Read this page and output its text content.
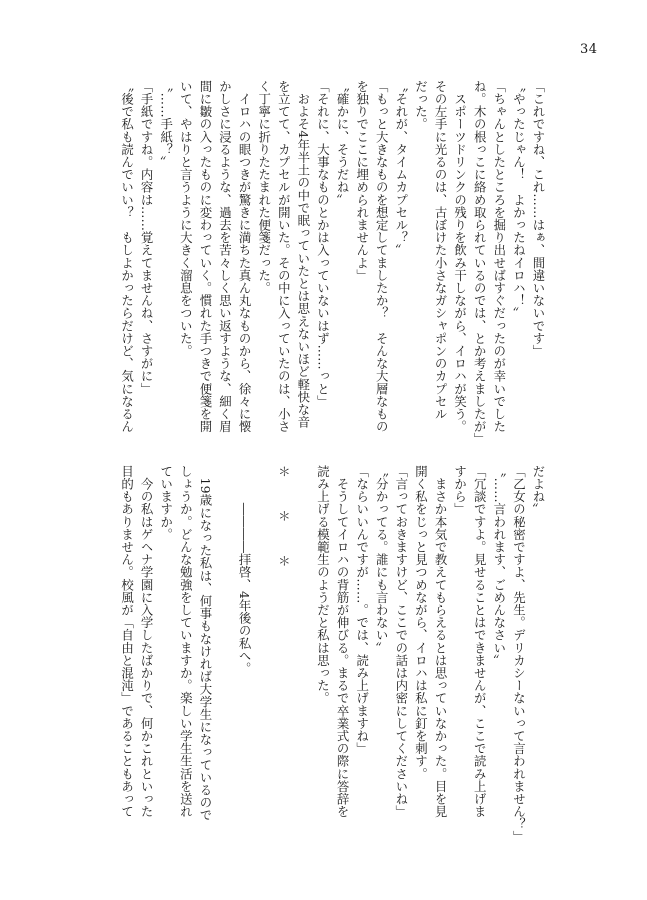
34

「これですね、これ……はぁ、間違いないです」

〝やったじゃん！　よかったねイロハ！〟

「ちゃんとしたところを掘り出せばすぐだったのが幸いでした

ね。木の根っこに絡め取られているのでは、とか考えましたが」

　スポーツドリンクの残りを飲み干しながら、イロハが笑う。

その左手に光るのは、古ぼけた小さなガシャポンのカプセル

だった。

〝それが、タイムカプセル？〟

「もっと大きなものを想定してましたか？　そんな大層なもの

を独りでここに埋められませんよ」

〝確かに、そうだね〟

「それに、大事なものとかは入っていないはず……っと」

　およそ4年半土の中で眠っていたとは思えないほど軽快な音

を立てて、カプセルが開いた。その中に入っていたのは、小さ

く丁寧に折りたたまれた便箋だった。

　イロハの眼つきが驚きに満ちた真ん丸なものから、徐々に懐

かしさに浸るような、過去を苦々しく思い返すような、細く眉

間に皺の入ったものに変わっていく。慣れた手つきで便箋を開

いて、やはりと言うように大きく溜息をついた。

〝……手紙？〟

「手紙ですね。内容は……覚えてませんね、さすがに」

〝後で私も読んでいい？　もしよかったらだけど、気になるん

だよね〟

「乙女の秘密ですよ、先生。デリカシーないって言われません？」

〝……言われます、ごめんなさい〟

「冗談ですよ。見せることはできませんが、ここで読み上げま

すから」

　まさか本気で教えてもらえるとは思っていなかった。目を見

開く私をじっと見つめながら、イロハは私に釘を刺す。

「言っておきますけど、ここでの話は内密にしてくださいね」

〝分かってる。誰にも言わない〟

「ならいいんですが……。では、読み上げますね」

　そうしてイロハの背筋が伸びる。まるで卒業式の際に答辞を

読み上げる模範生のようだと私は思った。

＊　＊　＊

　　　――――拝啓、4年後の私へ。

　19歳になった私は、何事もなければ大学生になっているので

しょうか。どんな勉強をしていますか。楽しい学生生活を送れ

ていますか。

　今の私はゲヘナ学園に入学したばかりで、何かこれといった

目的もありません。校風が「自由と混沌」であることもあって
